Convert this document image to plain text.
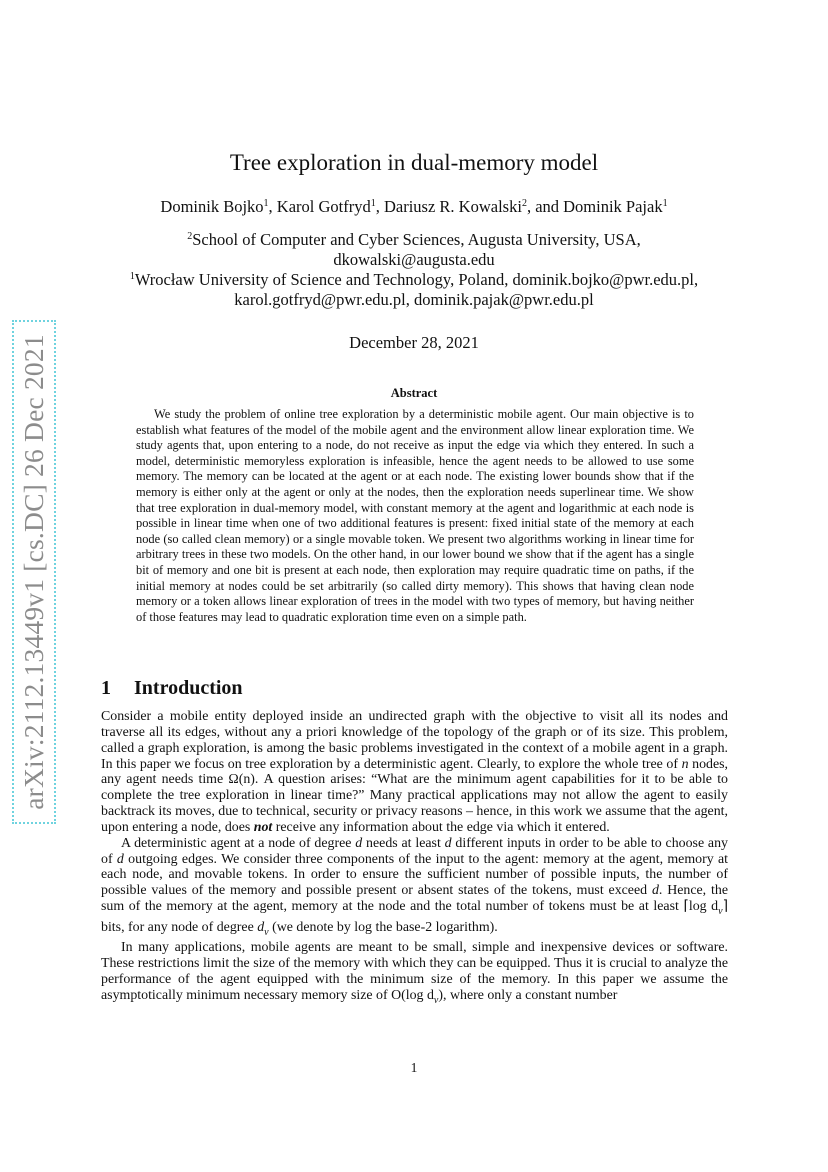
arXiv:2112.13449v1 [cs.DC] 26 Dec 2021
Tree exploration in dual-memory model
Dominik Bojko$^1$, Karol Gotfryd$^1$, Dariusz R. Kowalski$^2$, and Dominik Pajak$^1$
$^2$School of Computer and Cyber Sciences, Augusta University, USA,
dkowalski@augusta.edu
$^1$Wrocław University of Science and Technology, Poland, dominik.bojko@pwr.edu.pl,
karol.gotfryd@pwr.edu.pl, dominik.pajak@pwr.edu.pl
December 28, 2021
Abstract

We study the problem of online tree exploration by a deterministic mobile agent. Our main objective is to establish what features of the model of the mobile agent and the environment allow linear exploration time. We study agents that, upon entering to a node, do not receive as input the edge via which they entered. In such a model, deterministic memoryless exploration is infeasible, hence the agent needs to be allowed to use some memory. The memory can be located at the agent or at each node. The existing lower bounds show that if the memory is either only at the agent or only at the nodes, then the exploration needs superlinear time. We show that tree exploration in dual-memory model, with constant memory at the agent and logarithmic at each node is possible in linear time when one of two additional features is present: fixed initial state of the memory at each node (so called clean memory) or a single movable token. We present two algorithms working in linear time for arbitrary trees in these two models. On the other hand, in our lower bound we show that if the agent has a single bit of memory and one bit is present at each node, then exploration may require quadratic time on paths, if the initial memory at nodes could be set arbitrarily (so called dirty memory). This shows that having clean node memory or a token allows linear exploration of trees in the model with two types of memory, but having neither of those features may lead to quadratic exploration time even on a simple path.

1 Introduction

Consider a mobile entity deployed inside an undirected graph with the objective to visit all its nodes and traverse all its edges, without any a priori knowledge of the topology of the graph or of its size. This problem, called a graph exploration, is among the basic problems investigated in the context of a mobile agent in a graph. In this paper we focus on tree exploration by a deterministic agent. Clearly, to explore the whole tree of n nodes, any agent needs time Ω(n). A question arises: “What are the minimum agent capabilities for it to be able to complete the tree exploration in linear time?” Many practical applications may not allow the agent to easily backtrack its moves, due to technical, security or privacy reasons – hence, in this work we assume that the agent, upon entering a node, does not receive any information about the edge via which it entered.

A deterministic agent at a node of degree d needs at least d different inputs in order to be able to choose any of d outgoing edges. We consider three components of the input to the agent: memory at the agent, memory at each node, and movable tokens. In order to ensure the sufficient number of possible inputs, the number of possible values of the memory and possible present or absent states of the tokens, must exceed d. Hence, the sum of the memory at the agent, memory at the node and the total number of tokens must be at least ⌈log $d_v⌉$ bits, for any node of degree $d_v$ (we denote by log the base-2 logarithm).

In many applications, mobile agents are meant to be small, simple and inexpensive devices or software. These restrictions limit the size of the memory with which they can be equipped. Thus it is crucial to analyze the performance of the agent equipped with the minimum size of the memory. In this paper we assume the asymptotically minimum necessary memory size of O(log $d_v$), where only a constant number

1
